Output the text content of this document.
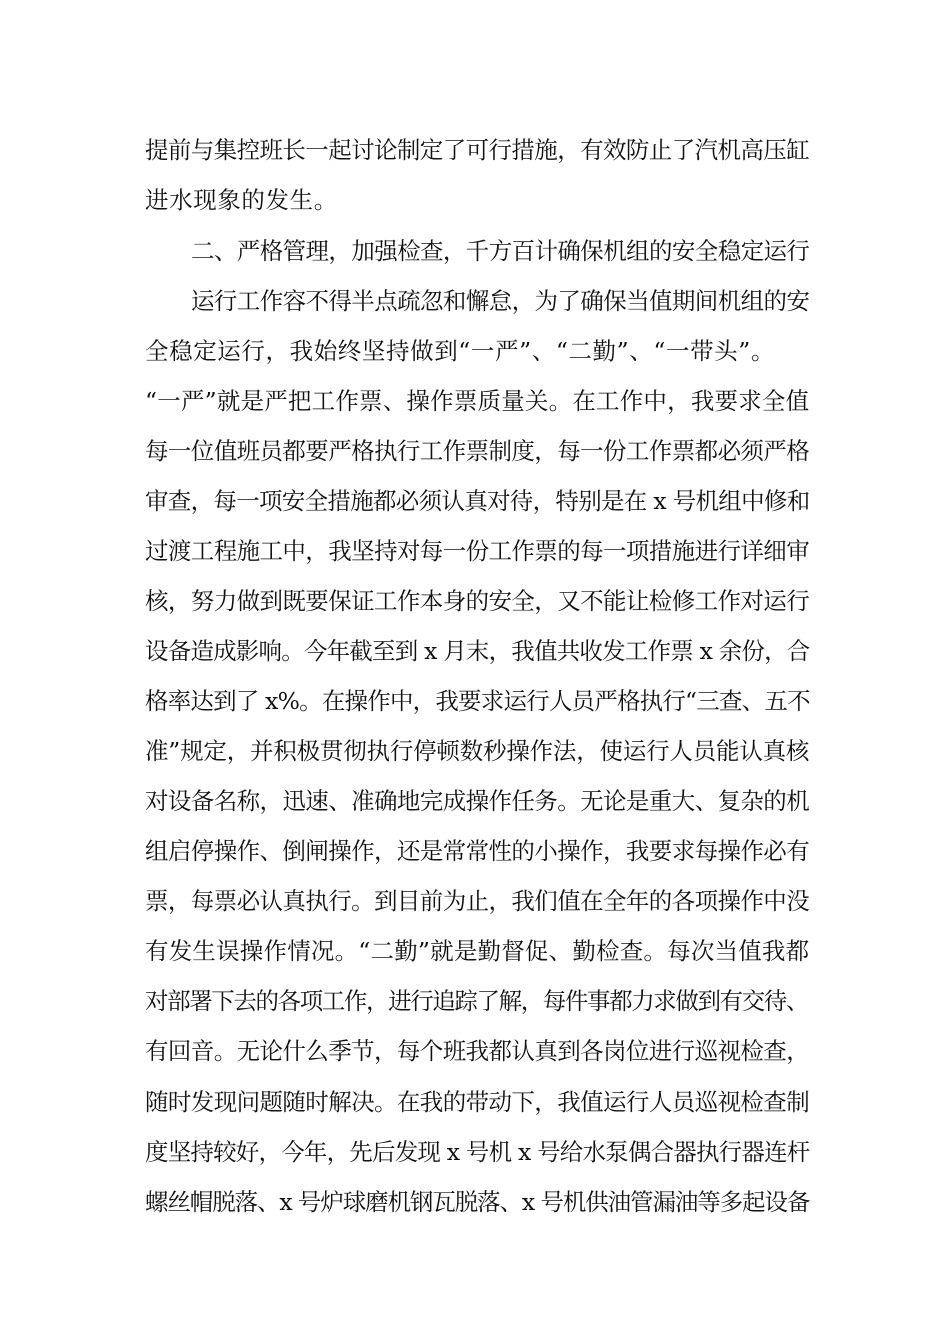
提前与集控班长一起讨论制定了可行措施，有效防止了汽机高压缸
进水现象的发生。
二、严格管理，加强检查，千方百计确保机组的安全稳定运行
运行工作容不得半点疏忽和懈怠，为了确保当值期间机组的安
全稳定运行，我始终坚持做到“一严”、“二勤”、“一带头”。
“一严”就是严把工作票、操作票质量关。在工作中，我要求全值
每一位值班员都要严格执行工作票制度，每一份工作票都必须严格
审查，每一项安全措施都必须认真对待，特别是在 x 号机组中修和
过渡工程施工中，我坚持对每一份工作票的每一项措施进行详细审
核，努力做到既要保证工作本身的安全，又不能让检修工作对运行
设备造成影响。今年截至到 x 月末，我值共收发工作票 x 余份，合
格率达到了 x%。在操作中，我要求运行人员严格执行“三查、五不
准”规定，并积极贯彻执行停顿数秒操作法，使运行人员能认真核
对设备名称，迅速、准确地完成操作任务。无论是重大、复杂的机
组启停操作、倒闸操作，还是常常性的小操作，我要求每操作必有
票，每票必认真执行。到目前为止，我们值在全年的各项操作中没
有发生误操作情况。“二勤”就是勤督促、勤检查。每次当值我都
对部署下去的各项工作，进行追踪了解，每件事都力求做到有交待、
有回音。无论什么季节，每个班我都认真到各岗位进行巡视检查，
随时发现问题随时解决。在我的带动下，我值运行人员巡视检查制
度坚持较好，今年，先后发现 x 号机 x 号给水泵偶合器执行器连杆
螺丝帽脱落、x 号炉球磨机钢瓦脱落、x 号机供油管漏油等多起设备
